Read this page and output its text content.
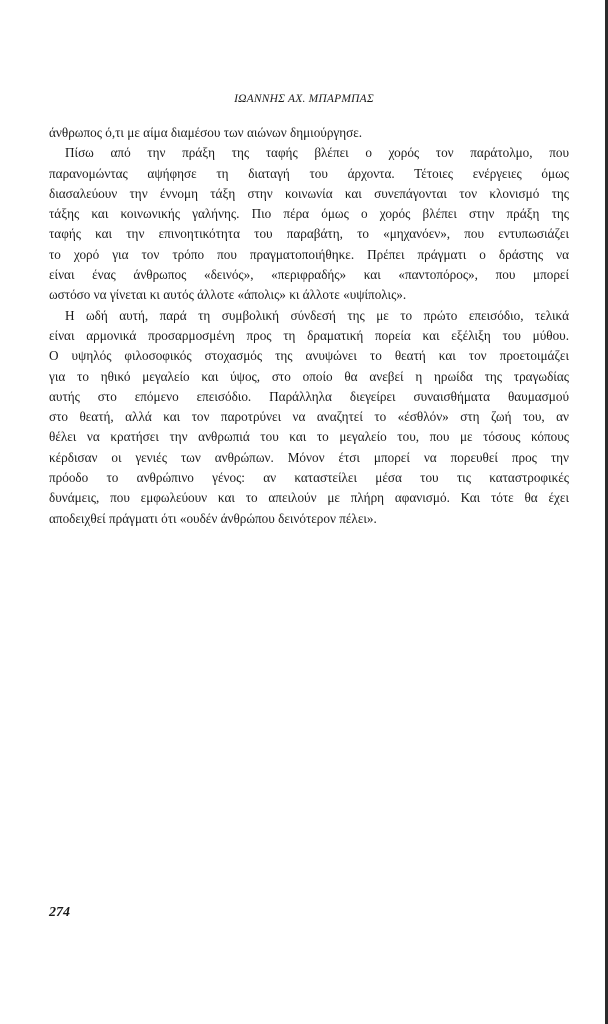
ΙΩΑΝΝΗΣ ΑΧ. ΜΠΑΡΜΠΑΣ
άνθρωπος ό,τι με αίμα διαμέσου των αιώνων δημιούργησε.
Πίσω από την πράξη της ταφής βλέπει ο χορός τον παράτολμο, που
παρανομώντας αψήφησε τη διαταγή του άρχοντα. Τέτοιες ενέργειες όμως
διασαλεύουν την έννομη τάξη στην κοινωνία και συνεπάγονται τον κλονισμό της
τάξης και κοινωνικής γαλήνης. Πιο πέρα όμως ο χορός βλέπει στην πράξη της
ταφής και την επινοητικότητα του παραβάτη, το «μηχανόεν», που εντυπωσιάζει
το χορό για τον τρόπο που πραγματοποιήθηκε. Πρέπει πράγματι ο δράστης να
είναι ένας άνθρωπος «δεινός», «περιφραδής» και «παντοπόρος», που μπορεί
ωστόσο να γίνεται κι αυτός άλλοτε «άπολις» κι άλλοτε «υψίπολις».
Η ωδή αυτή, παρά τη συμβολική σύνδεσή της με το πρώτο επεισόδιο, τελικά
είναι αρμονικά προσαρμοσμένη προς τη δραματική πορεία και εξέλιξη του μύθου.
Ο υψηλός φιλοσοφικός στοχασμός της ανυψώνει το θεατή και τον προετοιμάζει
για το ηθικό μεγαλείο και ύψος, στο οποίο θα ανεβεί η ηρωίδα της τραγωδίας
αυτής στο επόμενο επεισόδιο. Παράλληλα διεγείρει συναισθήματα θαυμασμού
στο θεατή, αλλά και τον παροτρύνει να αναζητεί το «έσθλόν» στη ζωή του, αν
θέλει να κρατήσει την ανθρωπιά του και το μεγαλείο του, που με τόσους κόπους
κέρδισαν οι γενιές των ανθρώπων. Μόνον έτσι μπορεί να πορευθεί προς την
πρόοδο το ανθρώπινο γένος: αν καταστείλει μέσα του τις καταστροφικές
δυνάμεις, που εμφωλεύουν και το απειλούν με πλήρη αφανισμό. Και τότε θα έχει
αποδειχθεί πράγματι ότι «ουδέν άνθρώπου δεινότερον πέλει».
274
